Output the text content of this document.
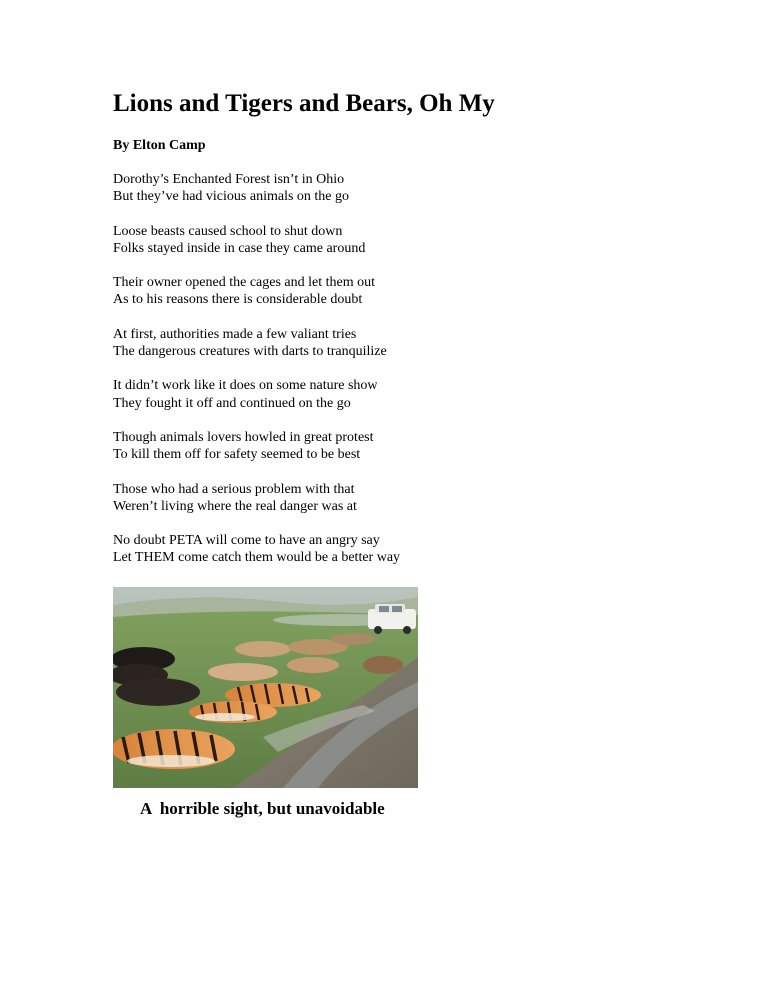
Lions and Tigers and Bears, Oh My

By Elton Camp

Dorothy’s Enchanted Forest isn’t in Ohio
But they’ve had vicious animals on the go
Loose beasts caused school to shut down
Folks stayed inside in case they came around
Their owner opened the cages and let them out
As to his reasons there is considerable doubt
At first, authorities made a few valiant tries
The dangerous creatures with darts to tranquilize
It didn’t work like it does on some nature show
They fought it off and continued on the go
Though animals lovers howled in great protest
To kill them off for safety seemed to be best
Those who had a serious problem with that
Weren’t living where the real danger was at
No doubt PETA will come to have an angry say
Let THEM come catch them would be a better way

A  horrible sight, but unavoidable
